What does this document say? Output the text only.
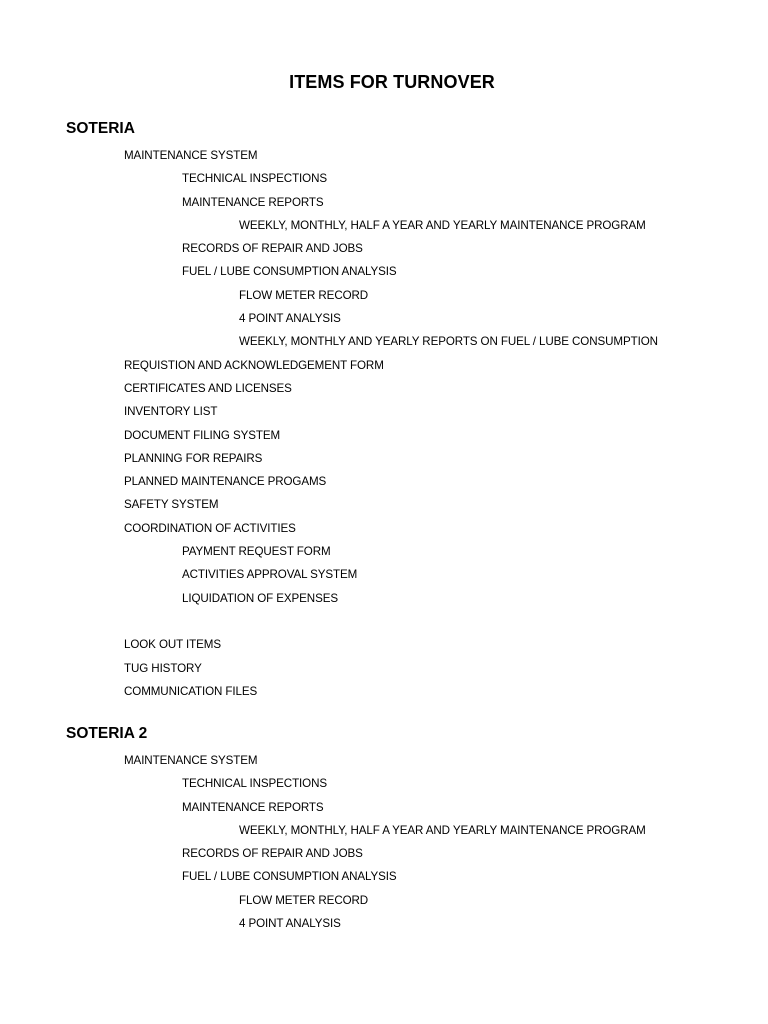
ITEMS FOR TURNOVER
SOTERIA
MAINTENANCE SYSTEM
TECHNICAL INSPECTIONS
MAINTENANCE REPORTS
WEEKLY, MONTHLY, HALF A YEAR AND YEARLY MAINTENANCE PROGRAM
RECORDS OF REPAIR AND JOBS
FUEL / LUBE CONSUMPTION ANALYSIS
FLOW METER RECORD
4 POINT ANALYSIS
WEEKLY, MONTHLY AND YEARLY REPORTS ON FUEL / LUBE CONSUMPTION
REQUISTION AND ACKNOWLEDGEMENT FORM
CERTIFICATES AND LICENSES
INVENTORY LIST
DOCUMENT FILING SYSTEM
PLANNING FOR REPAIRS
PLANNED MAINTENANCE PROGAMS
SAFETY SYSTEM
COORDINATION OF ACTIVITIES
PAYMENT REQUEST FORM
ACTIVITIES APPROVAL SYSTEM
LIQUIDATION OF EXPENSES
LOOK OUT ITEMS
TUG HISTORY
COMMUNICATION FILES
SOTERIA 2
MAINTENANCE SYSTEM
TECHNICAL INSPECTIONS
MAINTENANCE REPORTS
WEEKLY, MONTHLY, HALF A YEAR AND YEARLY MAINTENANCE PROGRAM
RECORDS OF REPAIR AND JOBS
FUEL / LUBE CONSUMPTION ANALYSIS
FLOW METER RECORD
4 POINT ANALYSIS
